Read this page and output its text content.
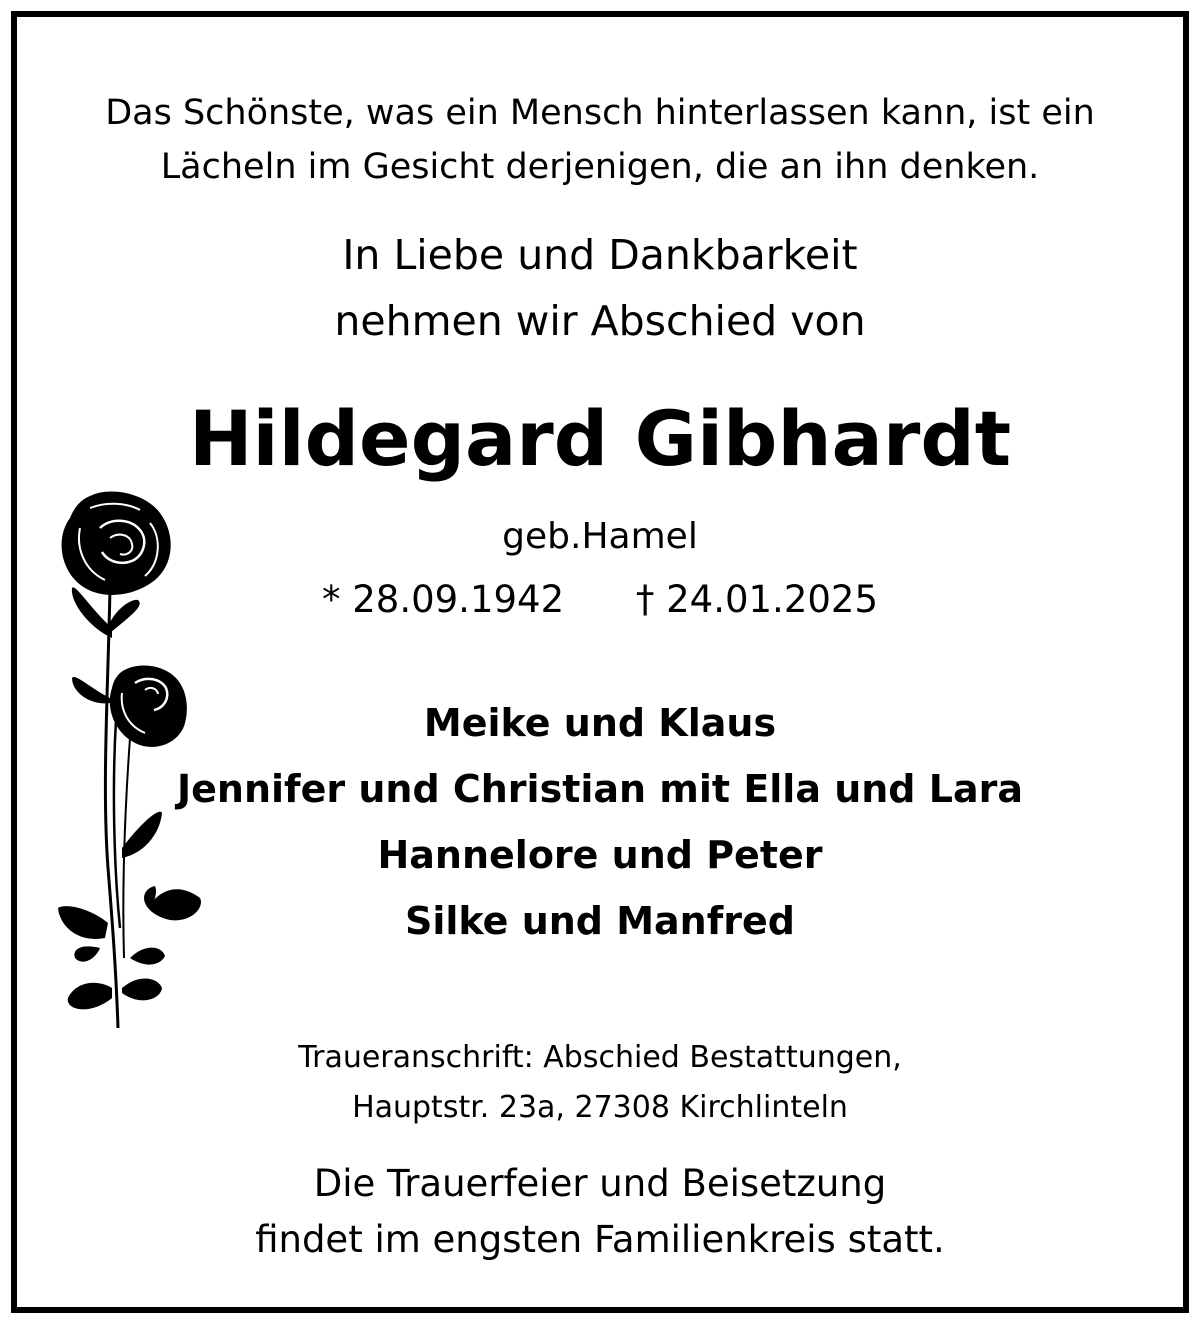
Das Schönste, was ein Mensch hinterlassen kann, ist ein
Lächeln im Gesicht derjenigen, die an ihn denken.
In Liebe und Dankbarkeit
nehmen wir Abschied von
Hildegard Gibhardt
geb.Hamel
* 28.09.1942 † 24.01.2025
Meike und Klaus
Jennifer und Christian mit Ella und Lara
Hannelore und Peter
Silke und Manfred
Traueranschrift: Abschied Bestattungen,
Hauptstr. 23a, 27308 Kirchlinteln
Die Trauerfeier und Beisetzung
findet im engsten Familienkreis statt.
